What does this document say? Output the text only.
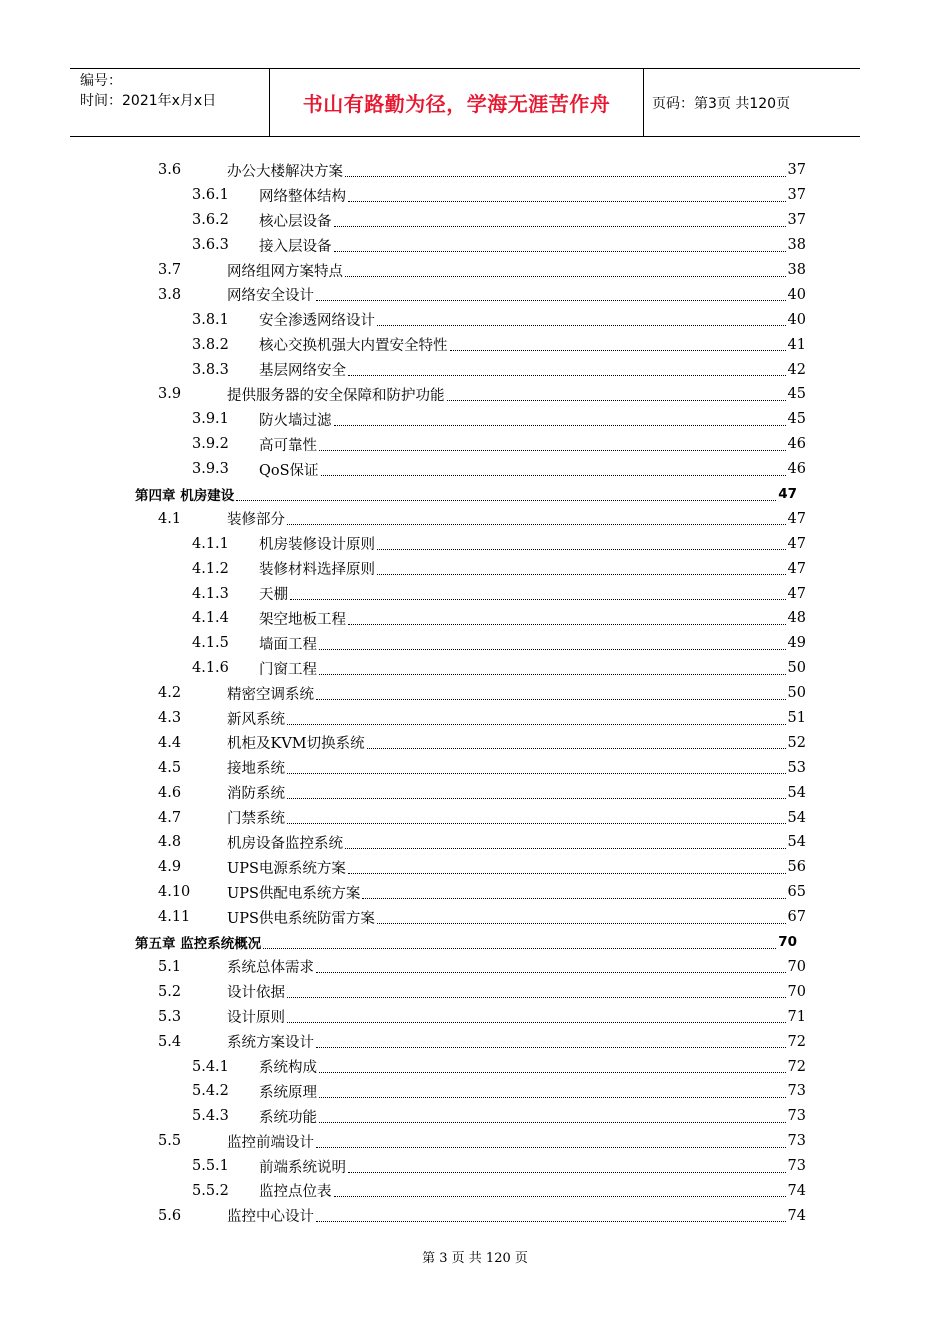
编号：
时间：2021年x月x日	书山有路勤为径，学海无涯苦作舟	页码：第3页 共120页
3.6	办公大楼解决方案	37
3.6.1 网络整体结构	37
3.6.2 核心层设备	37
3.6.3 接入层设备	38
3.7	网络组网方案特点	38
3.8	网络安全设计	40
3.8.1 安全渗透网络设计	40
3.8.2 核心交换机强大内置安全特性	41
3.8.3 基层网络安全	42
3.9	提供服务器的安全保障和防护功能	45
3.9.1 防火墙过滤	45
3.9.2 高可靠性	46
3.9.3 QoS保证	46
第四章 机房建设	47
4.1	装修部分	47
4.1.1 机房装修设计原则	47
4.1.2 装修材料选择原则	47
4.1.3 天棚	47
4.1.4 架空地板工程	48
4.1.5 墙面工程	49
4.1.6 门窗工程	50
4.2	精密空调系统	50
4.3	新风系统	51
4.4	机柜及KVM切换系统	52
4.5	接地系统	53
4.6	消防系统	54
4.7	门禁系统	54
4.8	机房设备监控系统	54
4.9	UPS电源系统方案	56
4.10	UPS供配电系统方案	65
4.11	UPS供电系统防雷方案	67
第五章 监控系统概况	70
5.1	系统总体需求	70
5.2	设计依据	70
5.3	设计原则	71
5.4	系统方案设计	72
5.4.1 系统构成	72
5.4.2 系统原理	73
5.4.3 系统功能	73
5.5	监控前端设计	73
5.5.1 前端系统说明	73
5.5.2 监控点位表	74
5.6	监控中心设计	74
第 3 页 共 120 页
